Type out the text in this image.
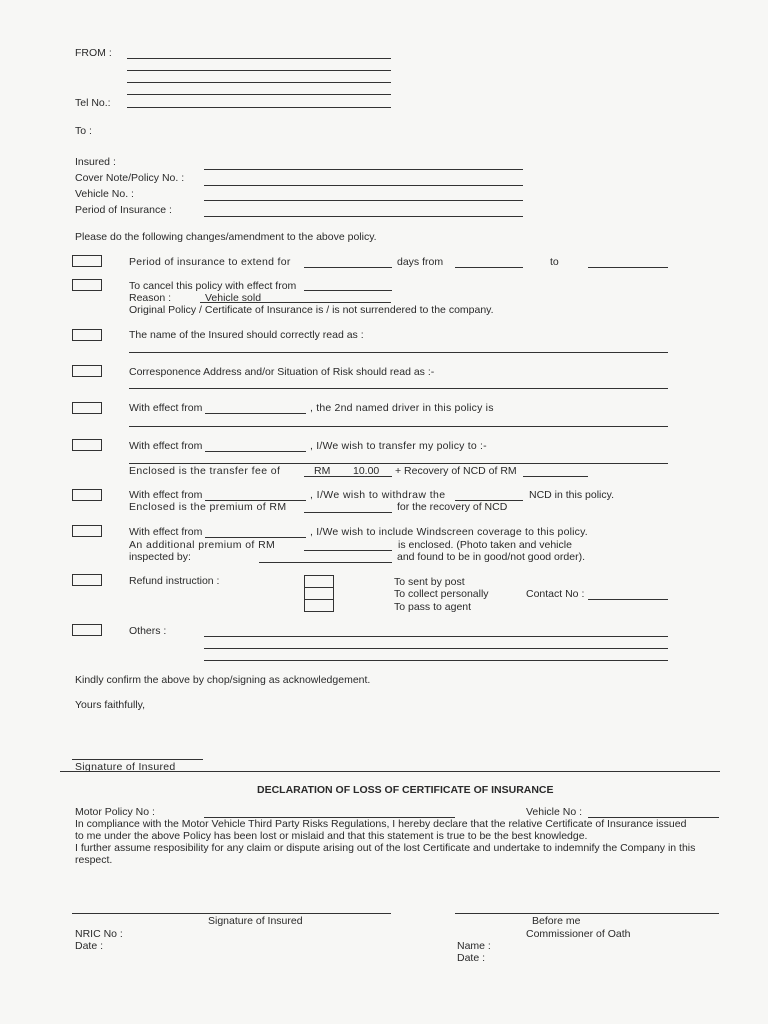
FROM :
Tel No.:
To :
Insured :
Cover Note/Policy No. :
Vehicle No. :
Period of Insurance :
Please do the following changes/amendment to the above policy.
Period of insurance to extend for	days from	to
To cancel this policy with effect from
Reason :	Vehicle sold
Original Policy / Certificate of Insurance is / is not surrendered to the company.
The name of the Insured should correctly read as :
Corresponence Address and/or Situation of Risk should read as :-
With effect from	, the 2nd named driver in this policy is
With effect from	, I/We wish to transfer my policy to :-
Enclosed is the transfer fee of	RM 10.00 + Recovery of NCD of RM
With effect from	, I/We wish to withdraw the	NCD in this policy.
Enclosed is the premium of RM	for the recovery of NCD
With effect from	, I/We wish to include Windscreen coverage to this policy.
An additional premium of RM	is enclosed. (Photo taken and vehicle
inspected by:	and found to be in good/not good order).
Refund instruction :	To sent by post
To collect personally
To pass to agent
Contact No :
Others :
Kindly confirm the above by chop/signing as acknowledgement.
Yours faithfully,
Signature of Insured
DECLARATION OF LOSS OF CERTIFICATE OF INSURANCE
Motor Policy No :	Vehicle No :
In compliance with the Motor Vehicle Third Party Risks Regulations, I hereby declare that the relative Certificate of Insurance issued
to me under the above Policy has been lost or mislaid and that this statement is true to be the best knowledge.
I further assume resposibility for any claim or dispute arising out of the lost Certificate and undertake to indemnify the Company in this
respect.
Signature of Insured	Before me
NRIC No :	Commissioner of Oath
Date :	Name :
Date :
